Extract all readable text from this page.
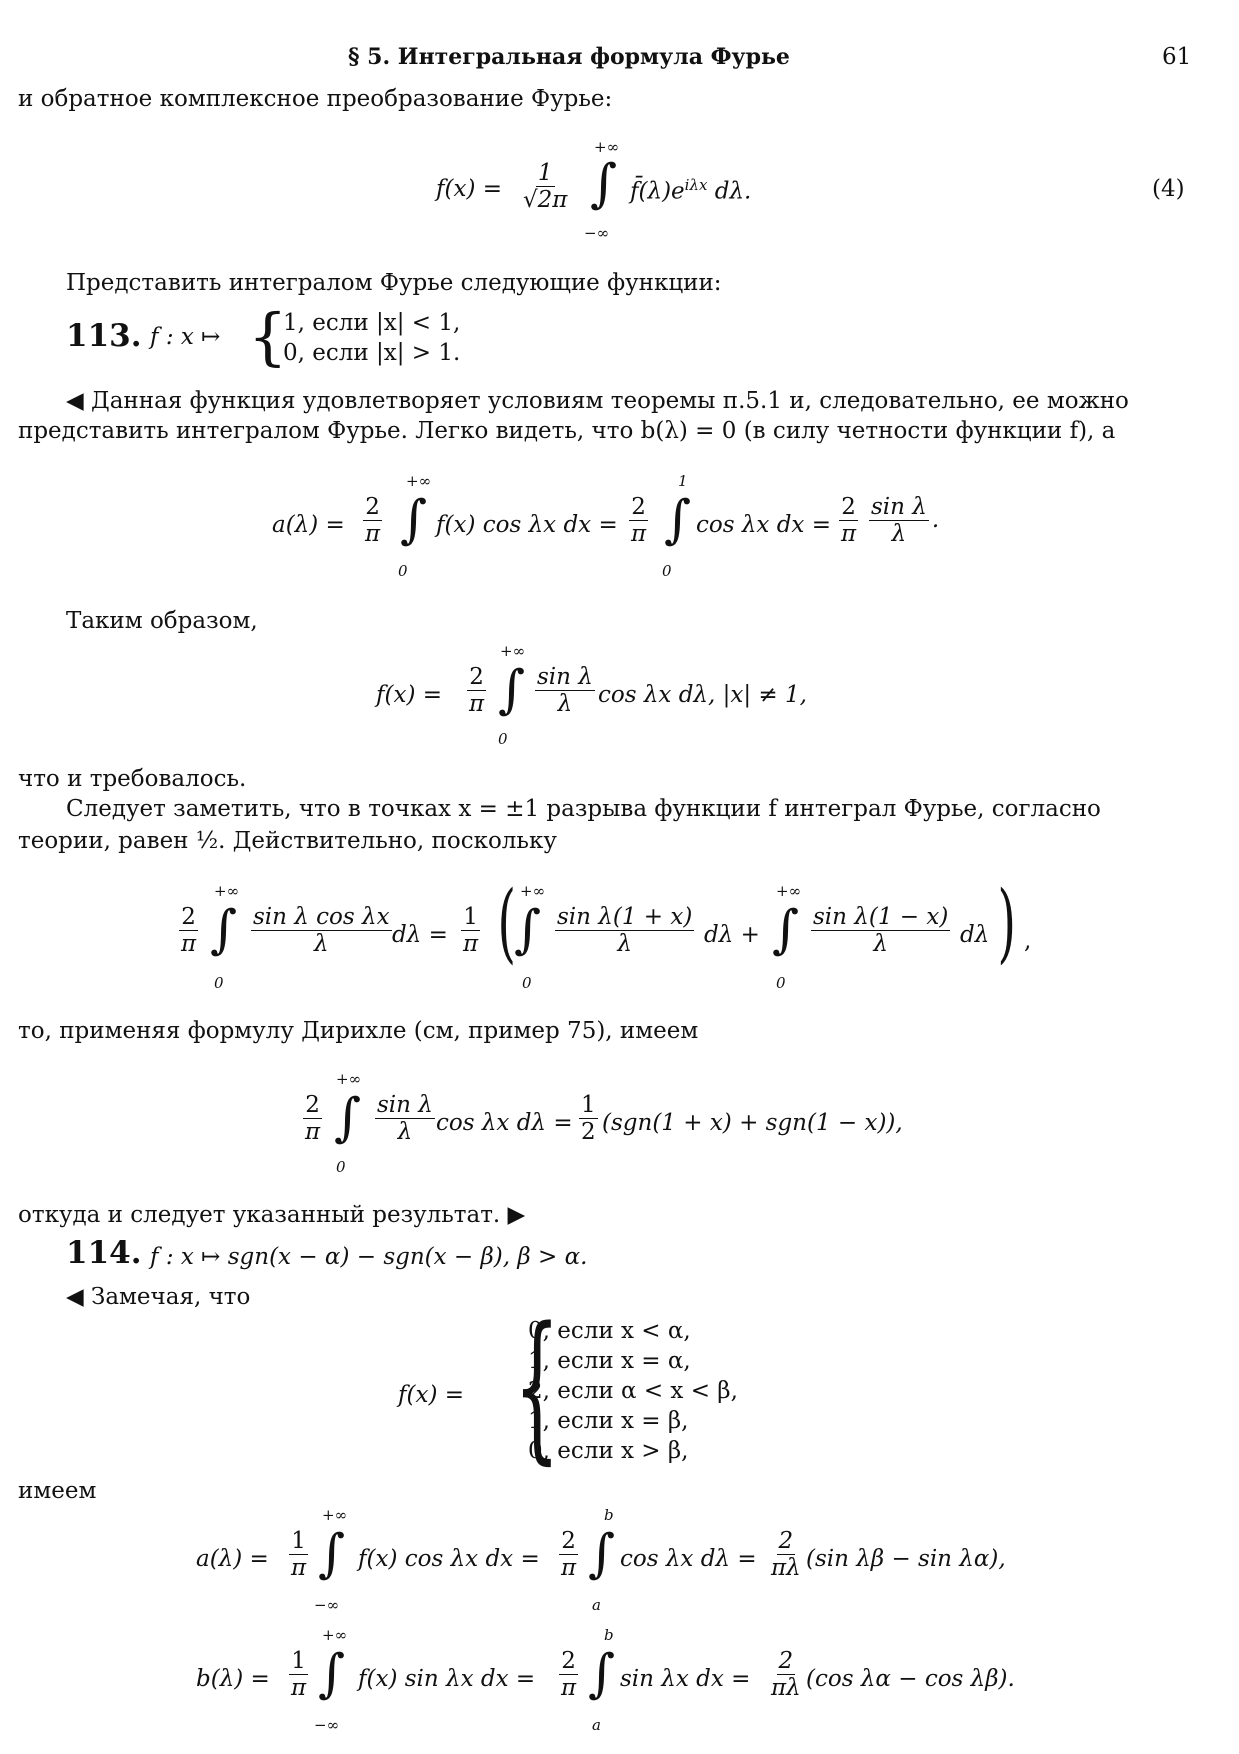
§ 5. Интегральная формула Фурье	61
и обратное комплексное преобразование Фурье:
+∞
$f(x) = \frac{1}{√2\pi}$ ∫ $f̄(\lambda)e^{i\lambda x}$ dλ.
−∞
(4)
Представить интегралом Фурье следующие функции:
113. f : x ↦ {
1, если |x| < 1,
0, если |x| > 1.
◀ Данная функция удовлетворяет условиям теоремы п.5.1 и, следовательно, ее можно
представить интегралом Фурье. Легко видеть, что b(λ) = 0 (в силу четности функции f), а
+∞	1
$a(\lambda) = \frac{2}{\pi}$ ∫ f(x) cos λx dx = $\frac{2}{\pi}$ ∫ cos λx dx = $\frac{2}{\pi} \frac{\text{sin λ}}{\lambda}$ .
0	0
Таким образом,
+∞
$f(x) = \frac{2}{\pi}$ ∫ $\frac{\text{sin λ}}{\lambda}$ cos λx dλ, |x| ≠ 1,
0
что и требовалось.
Следует заметить, что в точках x = ±1 разрыва функции f интеграл Фурье, согласно
теории, равен ½. Действительно, поскольку
+∞	+∞	+∞
$\frac{2}{\pi}$ ∫ $\frac{\text{sin λ cos λx}}{\lambda}$ $d\lambda = \frac{1}{\pi}$ (
∫ $\frac{\text{sin λ(1 + x)}}{\lambda}$ dλ + ∫ $\frac{\text{sin λ(1 − x)}}{\lambda}$ dλ ) ,
0	0	0
то, применяя формулу Дирихле (см, пример 75), имеем
+∞
$\frac{2}{\pi}$ ∫ $\frac{\text{sin λ}}{\lambda}$ cos λx $d\lambda = \frac{1}{2} (sgn(1 + x) + sgn(1 - x))$,
0
откуда и следует указанный результат. ▶
114. f : x ↦ sgn(x − α) − sgn(x − β), β > α.
◀ Замечая, что
f(x) = {
0, если x < α,
1, если x = α,
2, если α < x < β,
1, если x = β,
0, если x > β,
имеем
+∞	b
$a(\lambda) = \frac{1}{\pi}$ ∫ f(x) cos λx dx = $\frac{2}{\pi}$ ∫ cos λx $d\lambda = \frac{2}{\pi\lambda} (\sin$ λβ − sin λα),
−∞	a
+∞	b
$b(\lambda) = \frac{1}{\pi}$ ∫ f(x) sin λx dx = $\frac{2}{\pi}$ ∫ sin λx dx = $\frac{2}{\pi\lambda} (\cos$ λα − cos λβ).
−∞	a
